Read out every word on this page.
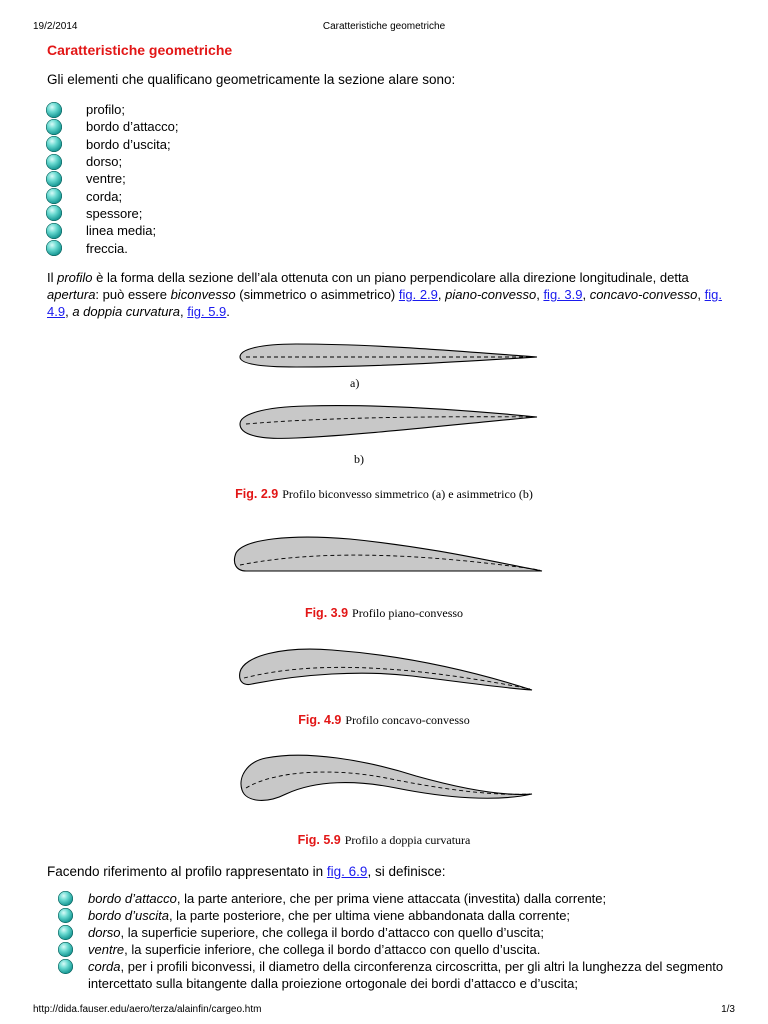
19/2/2014	Caratteristiche geometriche
Caratteristiche geometriche

Gli elementi che qualificano geometricamente la sezione alare sono:

profilo;
bordo d’attacco;
bordo d’uscita;
dorso;
ventre;
corda;
spessore;
linea media;
freccia.

Il profilo è la forma della sezione dell’ala ottenuta con un piano perpendicolare alla direzione longitudinale, detta apertura: può essere biconvesso (simmetrico o asimmetrico) fig. 2.9, piano-convesso, fig. 3.9, concavo-convesso, fig. 4.9, a doppia curvatura, fig. 5.9.

a)
b)
Fig. 2.9 Profilo biconvesso simmetrico (a) e asimmetrico (b)
Fig. 3.9 Profilo piano-convesso
Fig. 4.9 Profilo concavo-convesso
Fig. 5.9 Profilo a doppia curvatura

Facendo riferimento al profilo rappresentato in fig. 6.9, si definisce:

bordo d’attacco, la parte anteriore, che per prima viene attaccata (investita) dalla corrente;
bordo d’uscita, la parte posteriore, che per ultima viene abbandonata dalla corrente;
dorso, la superficie superiore, che collega il bordo d’attacco con quello d’uscita;
ventre, la superficie inferiore, che collega il bordo d’attacco con quello d’uscita.
corda, per i profili biconvessi, il diametro della circonferenza circoscritta, per gli altri la lunghezza del segmento intercettato sulla bitangente dalla proiezione ortogonale dei bordi d’attacco e d’uscita;
http://dida.fauser.edu/aero/terza/alainfin/cargeo.htm	1/3
